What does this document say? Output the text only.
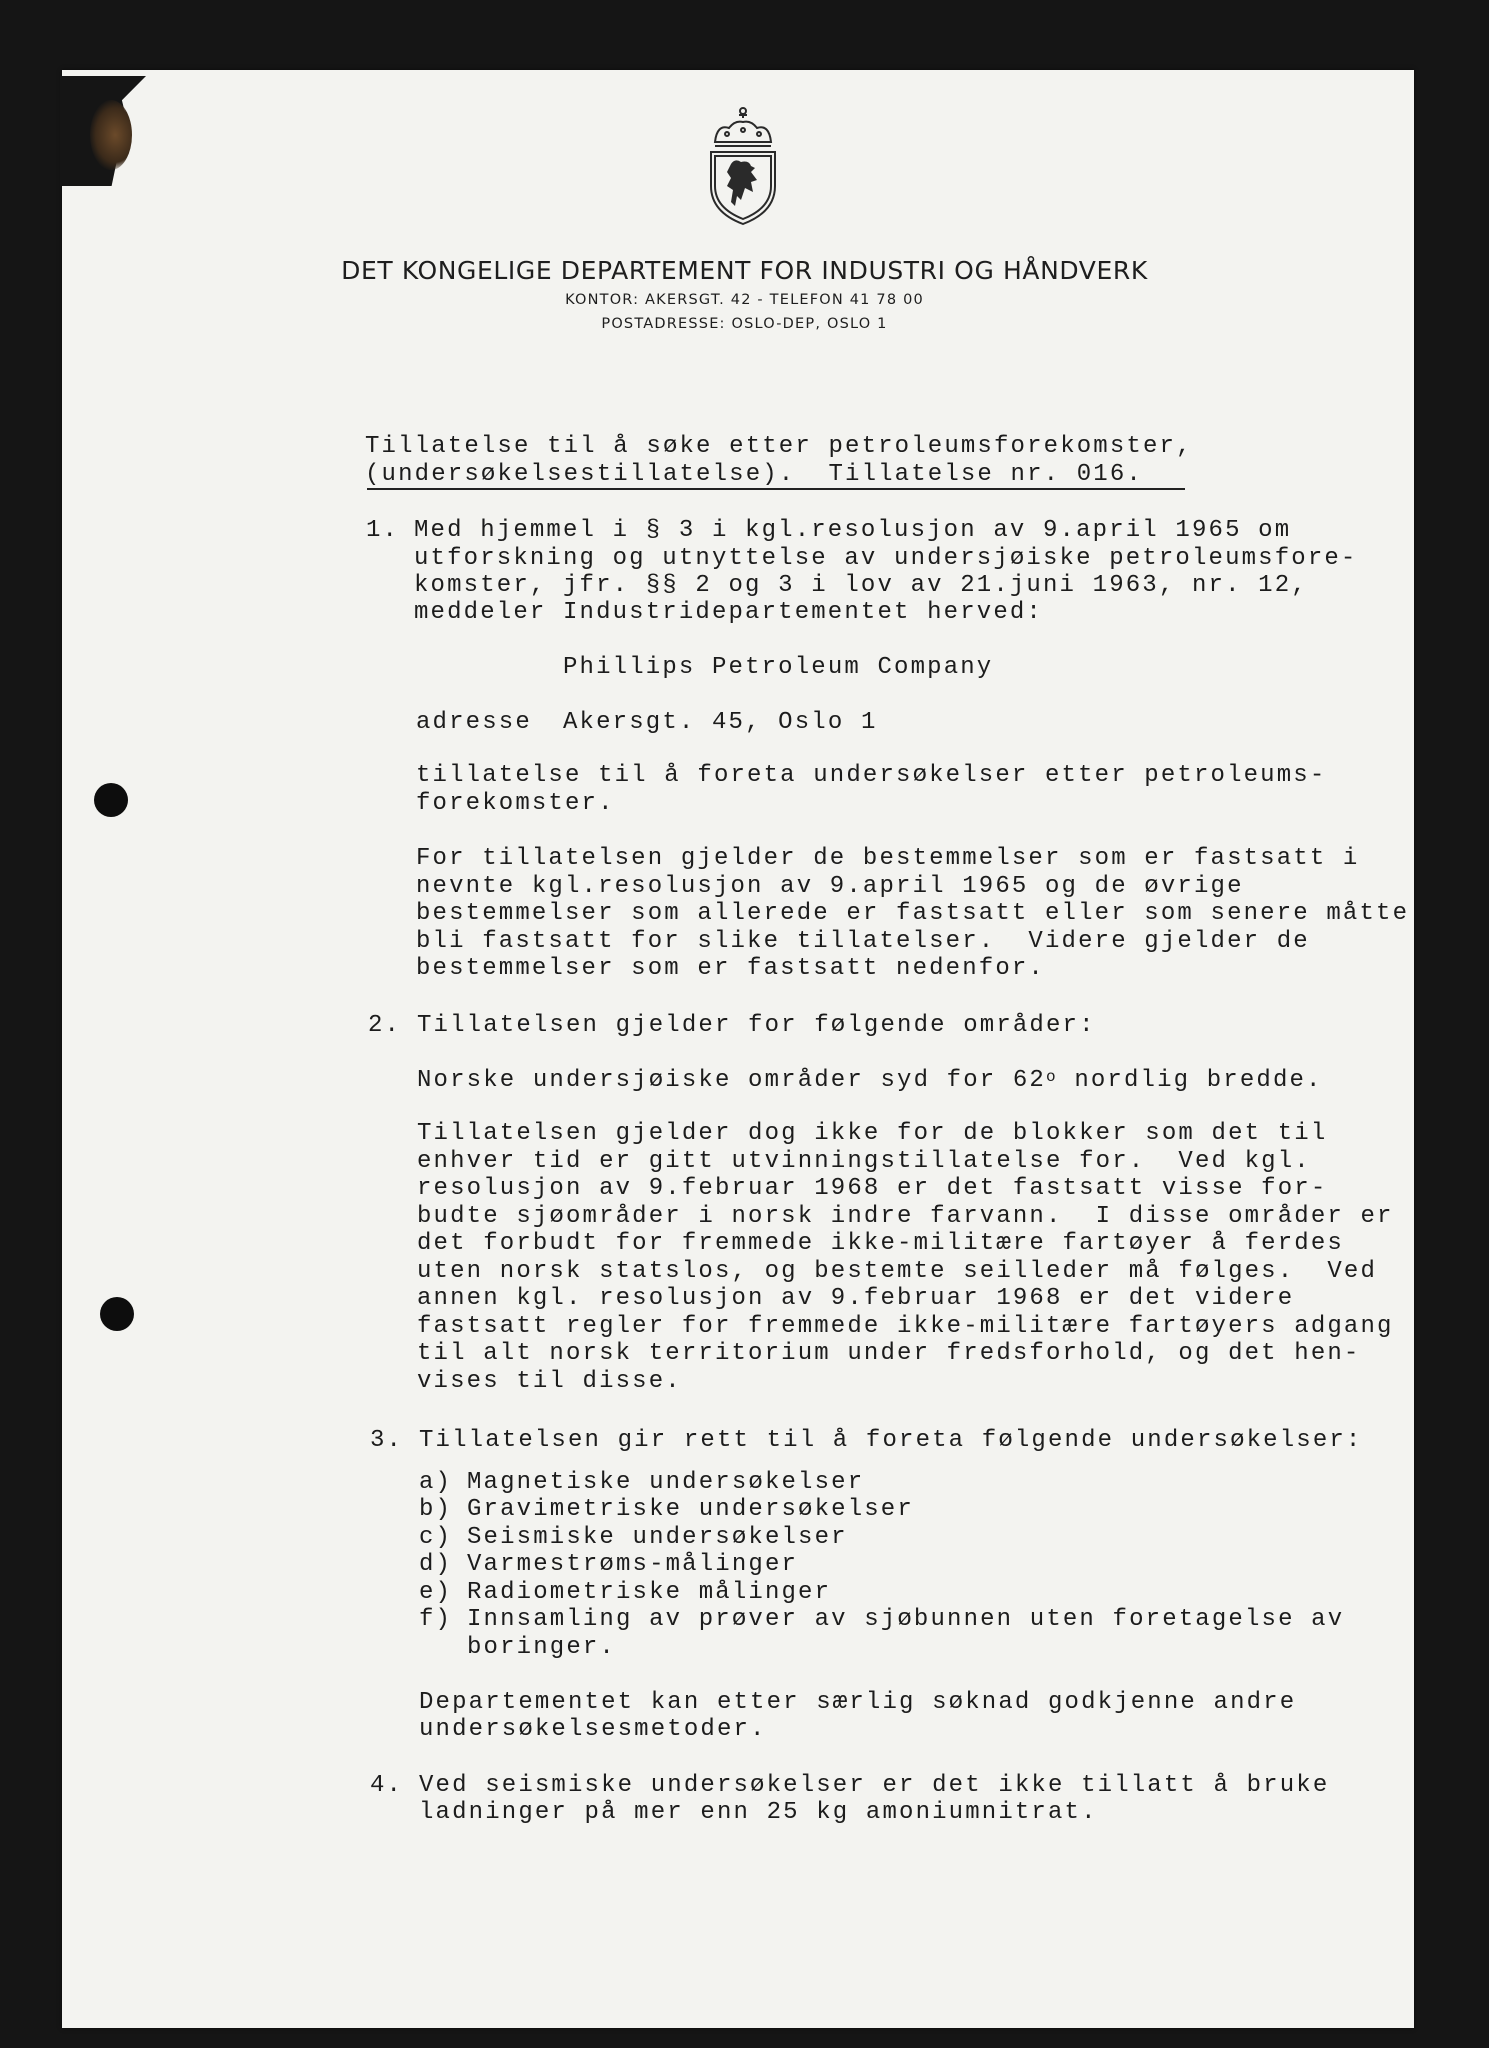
DET KONGELIGE DEPARTEMENT FOR INDUSTRI OG HÅNDVERK
KONTOR: AKERSGT. 42 - TELEFON 41 78 00
POSTADRESSE: OSLO-DEP, OSLO 1
Tillatelse til å søke etter petroleumsforekomster,
(undersøkelsestillatelse).  Tillatelse nr. 016.
1. Med hjemmel i § 3 i kgl.resolusjon av 9.april 1965 om
utforskning og utnyttelse av undersjøiske petroleumsfore-
komster, jfr. §§ 2 og 3 i lov av 21.juni 1963, nr. 12,
meddeler Industridepartementet herved:
Phillips Petroleum Company
adresse Akersgt. 45, Oslo 1
tillatelse til å foreta undersøkelser etter petroleums-
forekomster.
For tillatelsen gjelder de bestemmelser som er fastsatt i
nevnte kgl.resolusjon av 9.april 1965 og de øvrige
bestemmelser som allerede er fastsatt eller som senere måtte
bli fastsatt for slike tillatelser.  Videre gjelder de
bestemmelser som er fastsatt nedenfor.
2. Tillatelsen gjelder for følgende områder:
Norske undersjøiske områder syd for 62$^o$ nordlig bredde.
Tillatelsen gjelder dog ikke for de blokker som det til
enhver tid er gitt utvinningstillatelse for.  Ved kgl.
resolusjon av 9.februar 1968 er det fastsatt visse for-
budte sjøområder i norsk indre farvann.  I disse områder er
det forbudt for fremmede ikke-militære fartøyer å ferdes
uten norsk statslos, og bestemte seilleder må følges.  Ved
annen kgl. resolusjon av 9.februar 1968 er det videre
fastsatt regler for fremmede ikke-militære fartøyers adgang
til alt norsk territorium under fredsforhold, og det hen-
vises til disse.
3. Tillatelsen gir rett til å foreta følgende undersøkelser:
a) Magnetiske undersøkelser
b) Gravimetriske undersøkelser
c) Seismiske undersøkelser
d) Varmestrøms-målinger
e) Radiometriske målinger
f) Innsamling av prøver av sjøbunnen uten foretagelse av
boringer.
Departementet kan etter særlig søknad godkjenne andre
undersøkelsesmetoder.
4. Ved seismiske undersøkelser er det ikke tillatt å bruke
ladninger på mer enn 25 kg amoniumnitrat.
